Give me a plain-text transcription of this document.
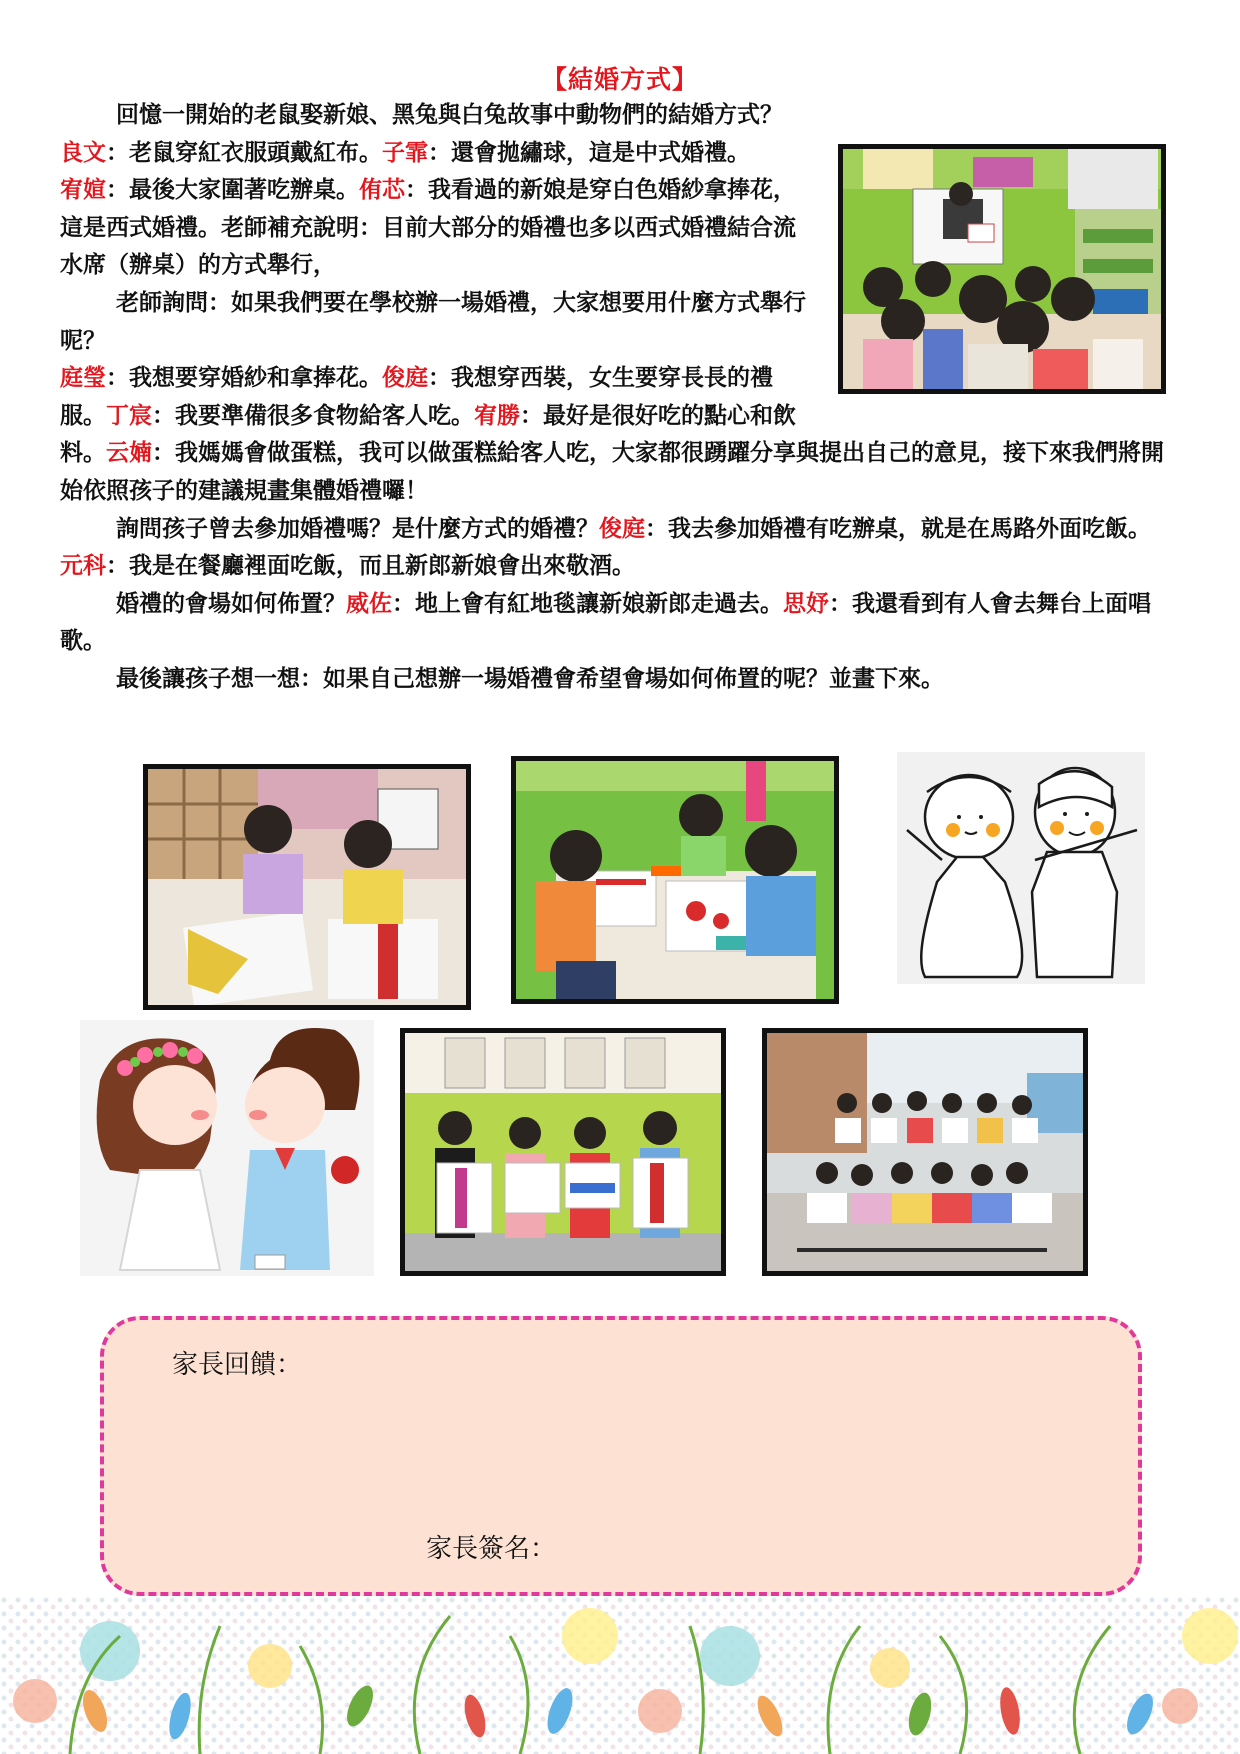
【結婚方式】

回憶一開始的老鼠娶新娘、黑兔與白兔故事中動物們的結婚方式？

良文：老鼠穿紅衣服頭戴紅布。子霏：還會拋繡球，這是中式婚禮。

宥媗：最後大家圍著吃辦桌。侑芯：我看過的新娘是穿白色婚紗拿捧花，這是西式婚禮。老師補充說明：目前大部分的婚禮也多以西式婚禮結合流水席（辦桌）的方式舉行，

老師詢問：如果我們要在學校辦一場婚禮，大家想要用什麼方式舉行呢？

庭瑩：我想要穿婚紗和拿捧花。俊庭：我想穿西裝，女生要穿長長的禮服。丁宸：我要準備很多食物給客人吃。宥勝：最好是很好吃的點心和飲料。云婻：我媽媽會做蛋糕，我可以做蛋糕給客人吃，大家都很踴躍分享與提出自己的意見，接下來我們將開始依照孩子的建議規畫集體婚禮囉！

詢問孩子曾去參加婚禮嗎？是什麼方式的婚禮？俊庭：我去參加婚禮有吃辦桌，就是在馬路外面吃飯。元科：我是在餐廳裡面吃飯，而且新郎新娘會出來敬酒。

婚禮的會場如何佈置？威佐：地上會有紅地毯讓新娘新郎走過去。思妤：我還看到有人會去舞台上面唱歌。

最後讓孩子想一想：如果自己想辦一場婚禮會希望會場如何佈置的呢？並畫下來。

家長回饋：
家長簽名：
